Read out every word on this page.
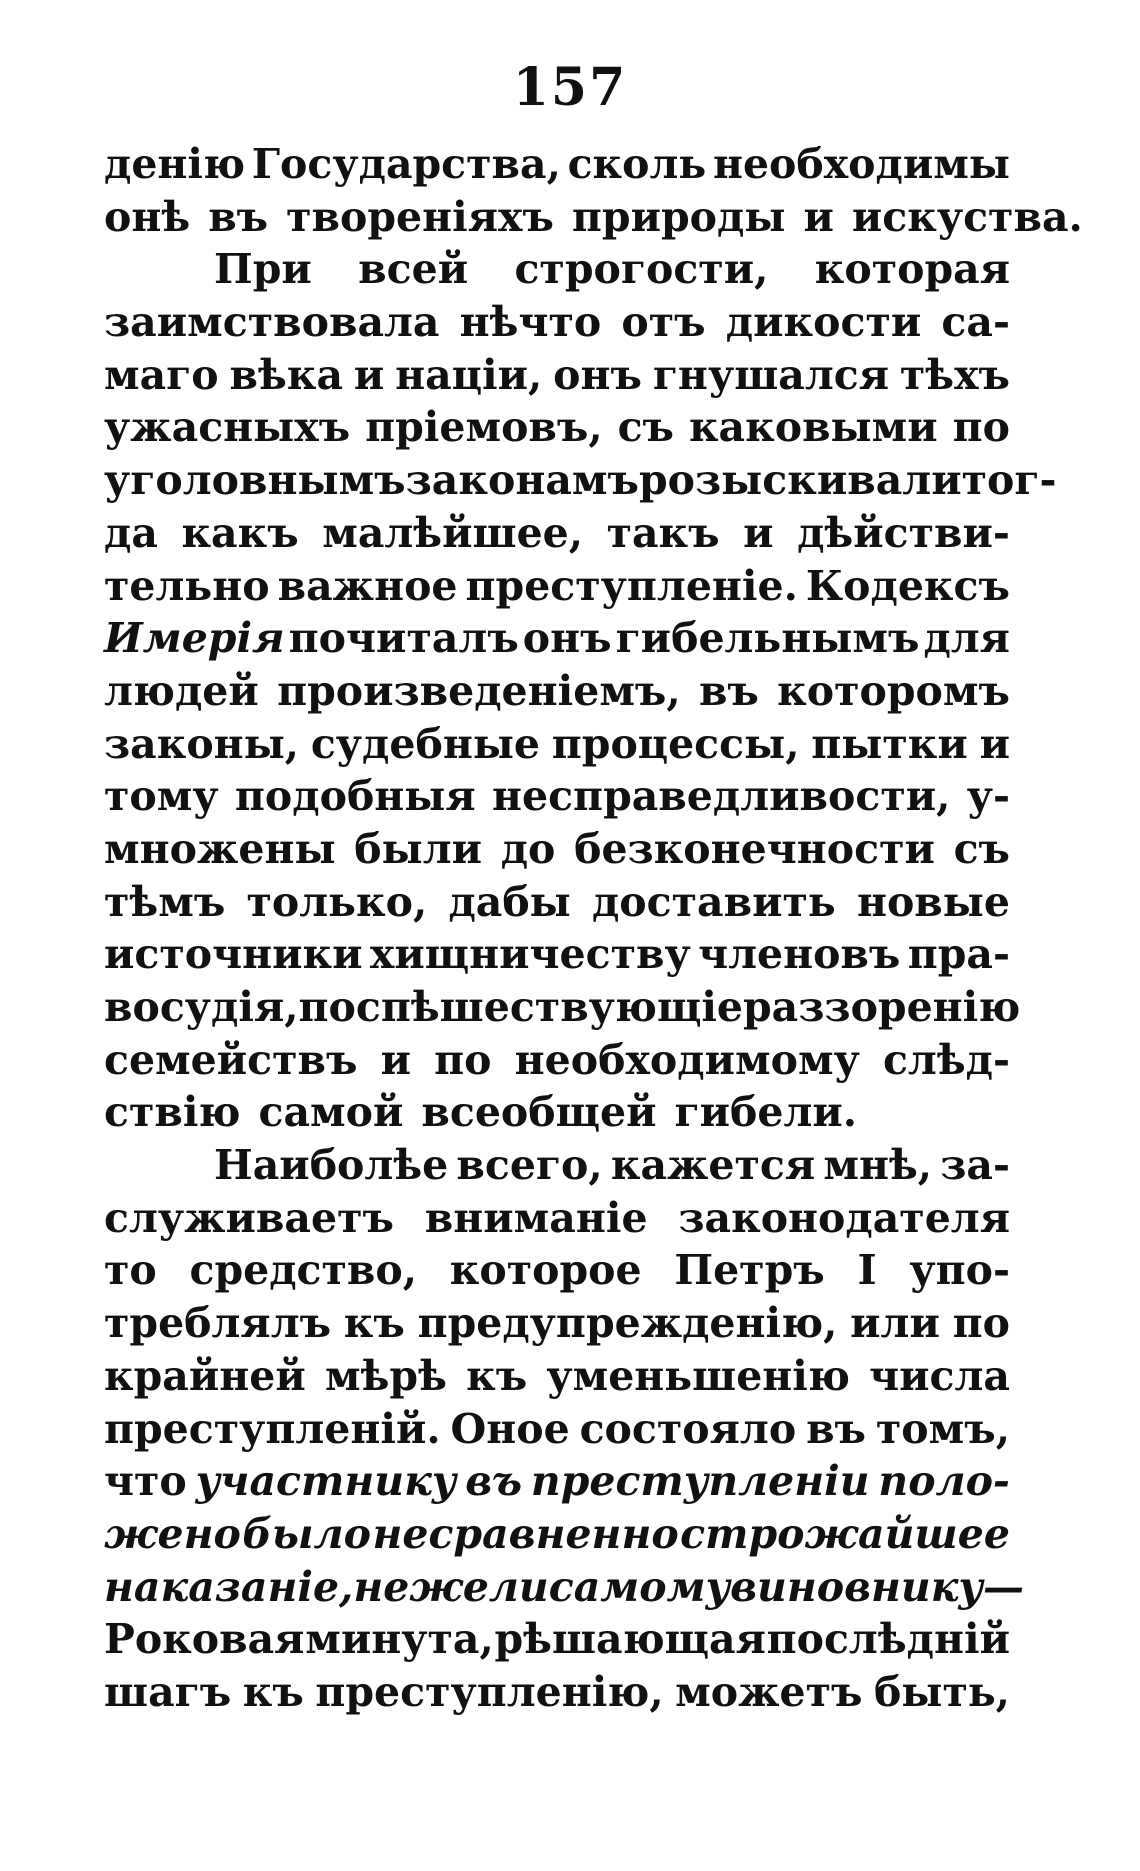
157
денію Государства, сколь необходимы
онѣ въ твореніяхъ природы и искуства.
При всей строгости, которая
заимствовала нѣчто отъ дикости са-
маго вѣка и націи, онъ гнушался тѣхъ
ужасныхъ пріемовъ, съ каковыми по
уголовнымъ законамъ розыскивали тог-
да какъ малѣйшее, такъ и дѣйстви-
тельно важное преступленіе. Кодексъ
Имерія почиталъ онъ гибельнымъ для
людей произведеніемъ, въ которомъ
законы, судебные процессы, пытки и
тому подобныя несправедливости, у-
множены были до безконечности съ
тѣмъ только, дабы доставить новые
источники хищничеству членовъ пра-
восудія, поспѣшествующіе раззоренію
семействъ и по необходимому слѣд-
ствію самой всеобщей гибели.
Наиболѣе всего, кажется мнѣ, за-
служиваетъ вниманіе законодателя
то средство, которое Петръ I упо-
треблялъ къ предупрежденію, или по
крайней мѣрѣ къ уменьшенію числа
преступленій. Оное состояло въ томъ,
что участнику въ преступленіи поло-
жено было несравненно строжайшее
наказаніе, нежели самому виновнику—
Роковая минута, рѣшающая послѣдній
шагъ къ преступленію, можетъ быть,
